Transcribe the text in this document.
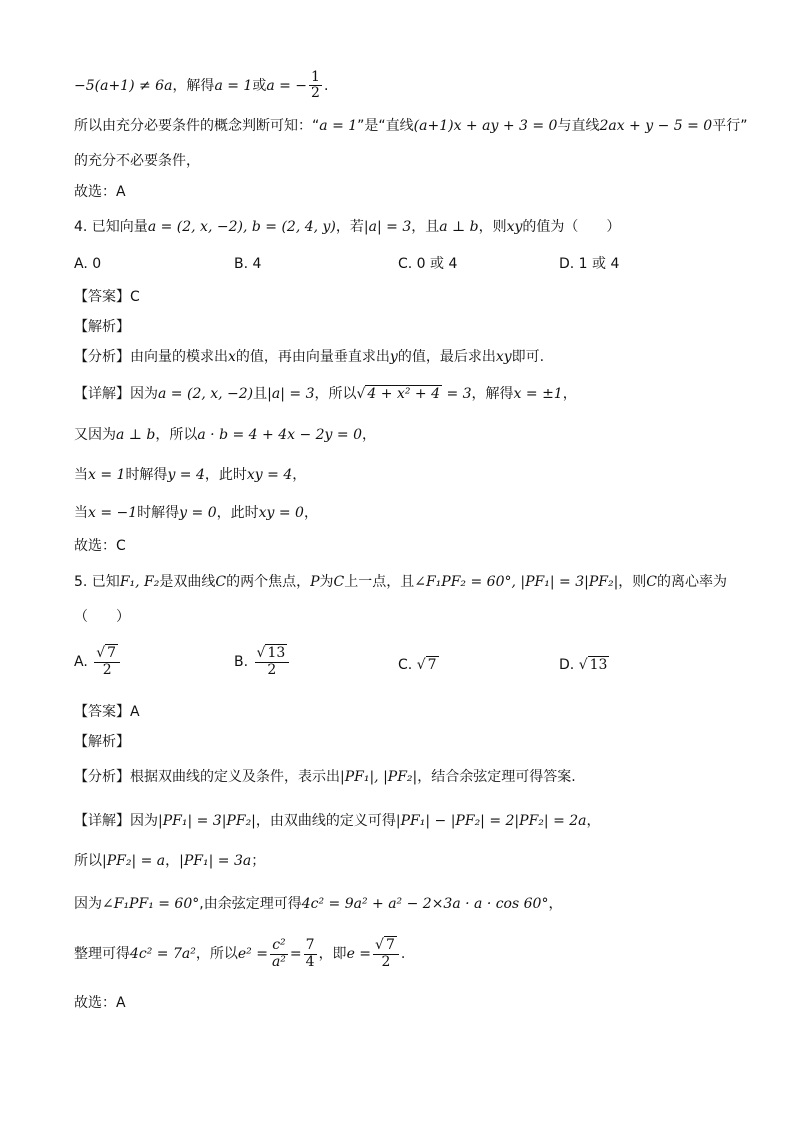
−5(a+1) ≠ 6a，解得a = 1或a = − $\frac{1}{2}$ .
所以由充分必要条件的概念判断可知：“a = 1”是“直线(a+1)x + ay + 3 = 0与直线2ax + y − 5 = 0平行”
的充分不必要条件，
故选：A
4. 已知向量a = (2, x, −2), b = (2, 4, y)，若|a| = 3，且a ⊥ b，则xy的值为（　　）
A. 0	B. 4	C. 0 或 4	D. 1 或 4
【答案】C
【解析】
【分析】由向量的模求出x的值，再由向量垂直求出y的值，最后求出xy即可.
【详解】因为a = (2, x, −2)且|a| = 3，所以√ 4 + x² + 4 = 3，解得x = ±1，
又因为a ⊥ b，所以a · b = 4 + 4x − 2y = 0，
当x = 1时解得y = 4，此时xy = 4，
当x = −1时解得y = 0，此时xy = 0，
故选：C
5. 已知F₁, F₂是双曲线C的两个焦点，P为C上一点，且∠F₁PF₂ = 60°, |PF₁| = 3|PF₂|，则C的离心率为
（　　）
A. $\frac{√ 7}{2}$	B. $\frac{√ 13}{2}$	C. √ 7	D. √ 13
【答案】A
【解析】
【分析】根据双曲线的定义及条件，表示出|PF₁|, |PF₂|，结合余弦定理可得答案.
【详解】因为|PF₁| = 3|PF₂|，由双曲线的定义可得|PF₁| − |PF₂| = 2|PF₂| = 2a，
所以|PF₂| = a，|PF₁| = 3a；
因为∠F₁PF₁ = 60°,由余弦定理可得4c² = 9a² + a² − 2×3a · a · cos 60°，
整理可得4c² = 7a²，所以$e^2 = \frac{\text{c²}}{\text{a²}} = \frac{7}{4}$ ，即$e = \frac{√ 7}{2}$ .
故选：A
